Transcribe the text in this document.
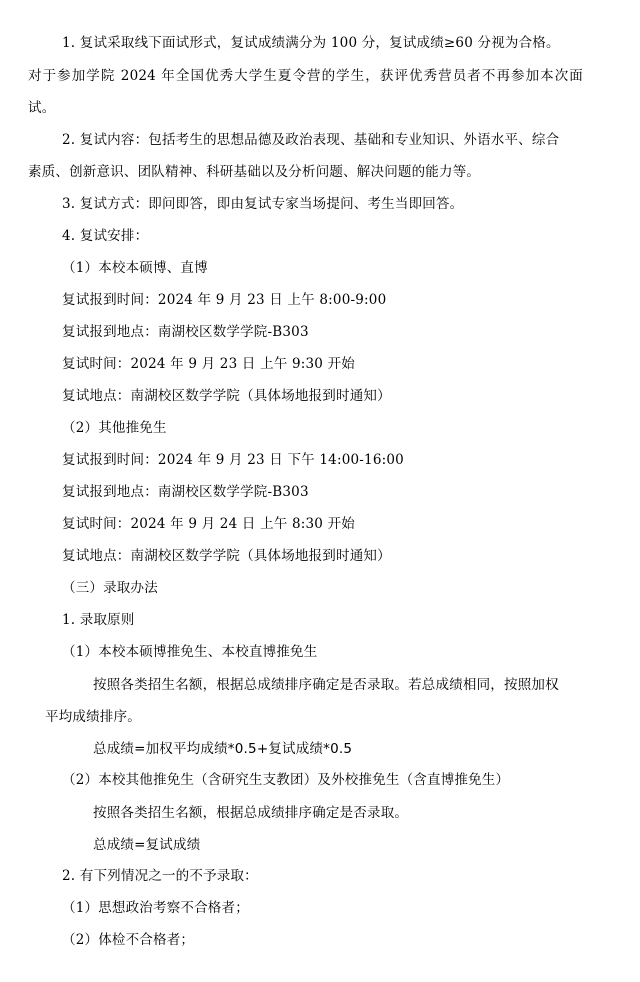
1. 复试采取线下面试形式，复试成绩满分为 100 分，复试成绩≥60 分视为合格。
对于参加学院 2024 年全国优秀大学生夏令营的学生，获评优秀营员者不再参加本次面
试。
2. 复试内容：包括考生的思想品德及政治表现、基础和专业知识、外语水平、综合
素质、创新意识、团队精神、科研基础以及分析问题、解决问题的能力等。
3. 复试方式：即问即答，即由复试专家当场提问、考生当即回答。
4. 复试安排：
（1）本校本硕博、直博
复试报到时间：2024 年 9 月 23 日 上午 8:00-9:00
复试报到地点：南湖校区数学学院-B303
复试时间：2024 年 9 月 23 日 上午 9:30 开始
复试地点：南湖校区数学学院（具体场地报到时通知）
（2）其他推免生
复试报到时间：2024 年 9 月 23 日 下午 14:00-16:00
复试报到地点：南湖校区数学学院-B303
复试时间：2024 年 9 月 24 日 上午 8:30 开始
复试地点：南湖校区数学学院（具体场地报到时通知）
（三）录取办法
1. 录取原则
（1）本校本硕博推免生、本校直博推免生
按照各类招生名额，根据总成绩排序确定是否录取。若总成绩相同，按照加权
平均成绩排序。
总成绩=加权平均成绩*0.5+复试成绩*0.5
（2）本校其他推免生（含研究生支教团）及外校推免生（含直博推免生）
按照各类招生名额，根据总成绩排序确定是否录取。
总成绩=复试成绩
2. 有下列情况之一的不予录取：
（1）思想政治考察不合格者；
（2）体检不合格者；
